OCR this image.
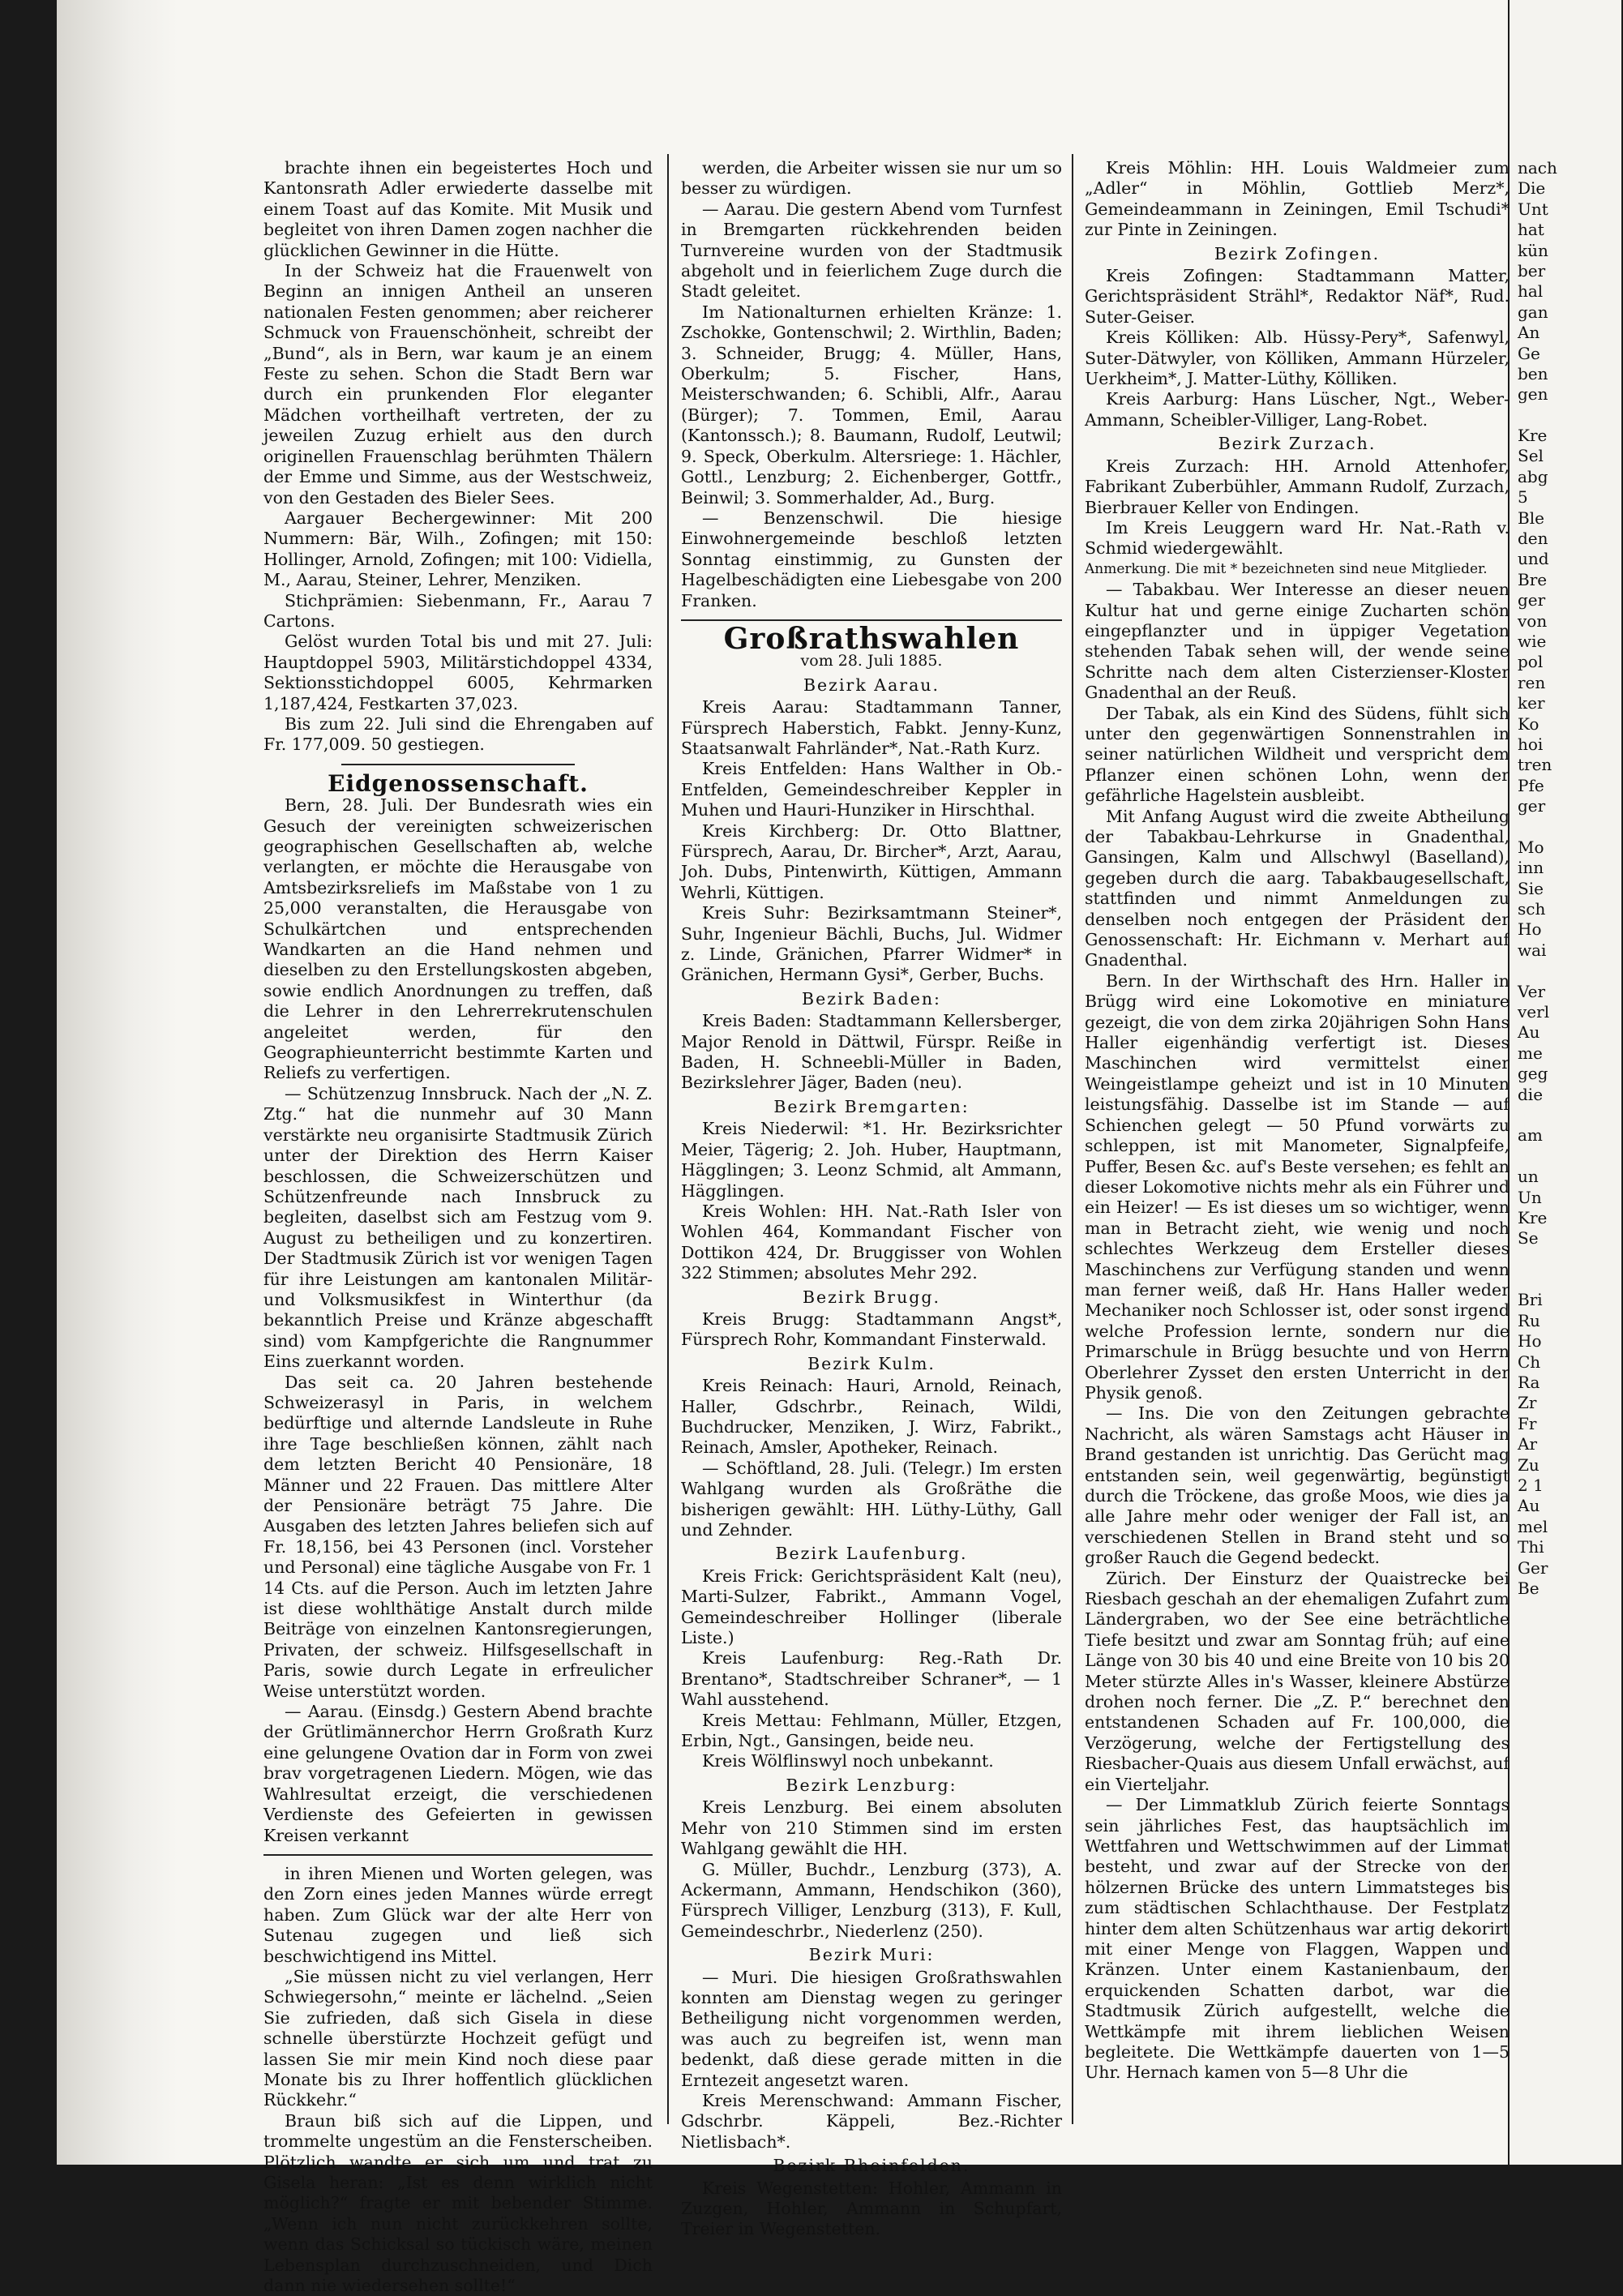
brachte ihnen ein begeistertes Hoch und Kantonsrath Adler erwiederte dasselbe mit einem Toast auf das Komite. Mit Musik und begleitet von ihren Damen zogen nachher die glücklichen Gewinner in die Hütte.

In der Schweiz hat die Frauenwelt von Beginn an innigen Antheil an unseren nationalen Festen genommen; aber reicherer Schmuck von Frauenschönheit, schreibt der „Bund“, als in Bern, war kaum je an einem Feste zu sehen. Schon die Stadt Bern war durch ein prunkenden Flor eleganter Mädchen vortheilhaft vertreten, der zu jeweilen Zuzug erhielt aus den durch originellen Frauenschlag berühmten Thälern der Emme und Simme, aus der Westschweiz, von den Gestaden des Bieler Sees.

Aargauer Bechergewinner: Mit 200 Nummern: Bär, Wilh., Zofingen; mit 150: Hollinger, Arnold, Zofingen; mit 100: Vidiella, M., Aarau, Steiner, Lehrer, Menziken.

Stichprämien: Siebenmann, Fr., Aarau 7 Cartons.

Gelöst wurden Total bis und mit 27. Juli: Hauptdoppel 5903, Militärstichdoppel 4334, Sektionsstichdoppel 6005, Kehrmarken 1,187,424, Festkarten 37,023.

Bis zum 22. Juli sind die Ehrengaben auf Fr. 177,009. 50 gestiegen.

Eidgenossenschaft.

Bern, 28. Juli. Der Bundesrath wies ein Gesuch der vereinigten schweizerischen geographischen Gesellschaften ab, welche verlangten, er möchte die Herausgabe von Amtsbezirksreliefs im Maßstabe von 1 zu 25,000 veranstalten, die Herausgabe von Schulkärtchen und entsprechenden Wandkarten an die Hand nehmen und dieselben zu den Erstellungskosten abgeben, sowie endlich Anordnungen zu treffen, daß die Lehrer in den Lehrerrekrutenschulen angeleitet werden, für den Geographieunterricht bestimmte Karten und Reliefs zu verfertigen.

— Schützenzug Innsbruck. Nach der „N. Z. Ztg.“ hat die nunmehr auf 30 Mann verstärkte neu organisirte Stadtmusik Zürich unter der Direktion des Herrn Kaiser beschlossen, die Schweizerschützen und Schützenfreunde nach Innsbruck zu begleiten, daselbst sich am Festzug vom 9. August zu betheiligen und zu konzertiren. Der Stadtmusik Zürich ist vor wenigen Tagen für ihre Leistungen am kantonalen Militär- und Volksmusikfest in Winterthur (da bekanntlich Preise und Kränze abgeschafft sind) vom Kampfgerichte die Rangnummer Eins zuerkannt worden.

Das seit ca. 20 Jahren bestehende Schweizerasyl in Paris, in welchem bedürftige und alternde Landsleute in Ruhe ihre Tage beschließen können, zählt nach dem letzten Bericht 40 Pensionäre, 18 Männer und 22 Frauen. Das mittlere Alter der Pensionäre beträgt 75 Jahre. Die Ausgaben des letzten Jahres beliefen sich auf Fr. 18,156, bei 43 Personen (incl. Vorsteher und Personal) eine tägliche Ausgabe von Fr. 1 14 Cts. auf die Person. Auch im letzten Jahre ist diese wohlthätige Anstalt durch milde Beiträge von einzelnen Kantonsregierungen, Privaten, der schweiz. Hilfsgesellschaft in Paris, sowie durch Legate in erfreulicher Weise unterstützt worden.

— Aarau. (Einsdg.) Gestern Abend brachte der Grütlimännerchor Herrn Großrath Kurz eine gelungene Ovation dar in Form von zwei brav vorgetragenen Liedern. Mögen, wie das Wahlresultat erzeigt, die verschiedenen Verdienste des Gefeierten in gewissen Kreisen verkannt

in ihren Mienen und Worten gelegen, was den Zorn eines jeden Mannes würde erregt haben. Zum Glück war der alte Herr von Sutenau zugegen und ließ sich beschwichtigend ins Mittel.

„Sie müssen nicht zu viel verlangen, Herr Schwiegersohn,“ meinte er lächelnd. „Seien Sie zufrieden, daß sich Gisela in diese schnelle überstürzte Hochzeit gefügt und lassen Sie mir mein Kind noch diese paar Monate bis zu Ihrer hoffentlich glücklichen Rückkehr.“

Braun biß sich auf die Lippen, und trommelte ungestüm an die Fensterscheiben. Plötzlich wandte er sich um und trat zu Gisela heran: „Ist es denn wirklich nicht möglich?“ fragte er mit bebender Stimme. „Wenn ich nun nicht zurückkehren sollte, wenn das Schicksal so tückisch wäre, meinen Lebensplan durchzuschneiden, und Dich dann nie wiedersehen sollte!“

werden, die Arbeiter wissen sie nur um so besser zu würdigen.

— Aarau. Die gestern Abend vom Turnfest in Bremgarten rückkehrenden beiden Turnvereine wurden von der Stadtmusik abgeholt und in feierlichem Zuge durch die Stadt geleitet.

Im Nationalturnen erhielten Kränze: 1. Zschokke, Gontenschwil; 2. Wirthlin, Baden; 3. Schneider, Brugg; 4. Müller, Hans, Oberkulm; 5. Fischer, Hans, Meisterschwanden; 6. Schibli, Alfr., Aarau (Bürger); 7. Tommen, Emil, Aarau (Kantonssch.); 8. Baumann, Rudolf, Leutwil; 9. Speck, Oberkulm. Altersriege: 1. Hächler, Gottl., Lenzburg; 2. Eichenberger, Gottfr., Beinwil; 3. Sommerhalder, Ad., Burg.

— Benzenschwil. Die hiesige Einwohnergemeinde beschloß letzten Sonntag einstimmig, zu Gunsten der Hagelbeschädigten eine Liebesgabe von 200 Franken.

Großrathswahlen
vom 28. Juli 1885.
Bezirk Aarau.

Kreis Aarau: Stadtammann Tanner, Fürsprech Haberstich, Fabkt. Jenny-Kunz, Staatsanwalt Fahrländer*, Nat.-Rath Kurz.

Kreis Entfelden: Hans Walther in Ob.-Entfelden, Gemeindeschreiber Keppler in Muhen und Hauri-Hunziker in Hirschthal.

Kreis Kirchberg: Dr. Otto Blattner, Fürsprech, Aarau, Dr. Bircher*, Arzt, Aarau, Joh. Dubs, Pintenwirth, Küttigen, Ammann Wehrli, Küttigen.

Kreis Suhr: Bezirksamtmann Steiner*, Suhr, Ingenieur Bächli, Buchs, Jul. Widmer z. Linde, Gränichen, Pfarrer Widmer* in Gränichen, Hermann Gysi*, Gerber, Buchs.

Bezirk Baden:

Kreis Baden: Stadtammann Kellersberger, Major Renold in Dättwil, Fürspr. Reiße in Baden, H. Schneebli-Müller in Baden, Bezirkslehrer Jäger, Baden (neu).

Bezirk Bremgarten:

Kreis Niederwil: *1. Hr. Bezirksrichter Meier, Tägerig; 2. Joh. Huber, Hauptmann, Hägglingen; 3. Leonz Schmid, alt Ammann, Hägglingen.

Kreis Wohlen: HH. Nat.-Rath Isler von Wohlen 464, Kommandant Fischer von Dottikon 424, Dr. Bruggisser von Wohlen 322 Stimmen; absolutes Mehr 292.

Bezirk Brugg.

Kreis Brugg: Stadtammann Angst*, Fürsprech Rohr, Kommandant Finsterwald.

Bezirk Kulm.

Kreis Reinach: Hauri, Arnold, Reinach, Haller, Gdschrbr., Reinach, Wildi, Buchdrucker, Menziken, J. Wirz, Fabrikt., Reinach, Amsler, Apotheker, Reinach.

— Schöftland, 28. Juli. (Telegr.) Im ersten Wahlgang wurden als Großräthe die bisherigen gewählt: HH. Lüthy-Lüthy, Gall und Zehnder.

Bezirk Laufenburg.

Kreis Frick: Gerichtspräsident Kalt (neu), Marti-Sulzer, Fabrikt., Ammann Vogel, Gemeindeschreiber Hollinger (liberale Liste.)

Kreis Laufenburg: Reg.-Rath Dr. Brentano*, Stadtschreiber Schraner*, — 1 Wahl ausstehend.

Kreis Mettau: Fehlmann, Müller, Etzgen, Erbin, Ngt., Gansingen, beide neu.

Kreis Wölflinswyl noch unbekannt.

Bezirk Lenzburg:

Kreis Lenzburg. Bei einem absoluten Mehr von 210 Stimmen sind im ersten Wahlgang gewählt die HH.

G. Müller, Buchdr., Lenzburg (373), A. Ackermann, Ammann, Hendschikon (360), Fürsprech Villiger, Lenzburg (313), F. Kull, Gemeindeschrbr., Niederlenz (250).

Bezirk Muri:

— Muri. Die hiesigen Großrathswahlen konnten am Dienstag wegen zu geringer Betheiligung nicht vorgenommen werden, was auch zu begreifen ist, wenn man bedenkt, daß diese gerade mitten in die Erntezeit angesetzt waren.

Kreis Merenschwand: Ammann Fischer, Gdschrbr. Käppeli, Bez.-Richter Nietlisbach*.

Bezirk Rheinfelden.

Kreis Wegenstetten: Hohler, Ammann in Zuzgen, Hohler, Ammann in Schupfart, Treier in Wegenstetten.

Kreis Möhlin: HH. Louis Waldmeier zum „Adler“ in Möhlin, Gottlieb Merz*, Gemeindeammann in Zeiningen, Emil Tschudi* zur Pinte in Zeiningen.

Bezirk Zofingen.

Kreis Zofingen: Stadtammann Matter, Gerichtspräsident Strähl*, Redaktor Näf*, Rud. Suter-Geiser.

Kreis Kölliken: Alb. Hüssy-Pery*, Safenwyl, Suter-Dätwyler, von Kölliken, Ammann Hürzeler, Uerkheim*, J. Matter-Lüthy, Kölliken.

Kreis Aarburg: Hans Lüscher, Ngt., Weber-Ammann, Scheibler-Villiger, Lang-Robet.

Bezirk Zurzach.

Kreis Zurzach: HH. Arnold Attenhofer, Fabrikant Zuberbühler, Ammann Rudolf, Zurzach, Bierbrauer Keller von Endingen.

Im Kreis Leuggern ward Hr. Nat.-Rath v. Schmid wiedergewählt.

Anmerkung. Die mit * bezeichneten sind neue Mitglieder.

— Tabakbau. Wer Interesse an dieser neuen Kultur hat und gerne einige Zucharten schön eingepflanzter und in üppiger Vegetation stehenden Tabak sehen will, der wende seine Schritte nach dem alten Cisterzienser-Kloster Gnadenthal an der Reuß.

Der Tabak, als ein Kind des Südens, fühlt sich unter den gegenwärtigen Sonnenstrahlen in seiner natürlichen Wildheit und verspricht dem Pflanzer einen schönen Lohn, wenn der gefährliche Hagelstein ausbleibt.

Mit Anfang August wird die zweite Abtheilung der Tabakbau-Lehrkurse in Gnadenthal, Gansingen, Kalm und Allschwyl (Baselland), gegeben durch die aarg. Tabakbaugesellschaft, stattfinden und nimmt Anmeldungen zu denselben noch entgegen der Präsident der Genossenschaft: Hr. Eichmann v. Merhart auf Gnadenthal.

Bern. In der Wirthschaft des Hrn. Haller in Brügg wird eine Lokomotive en miniature gezeigt, die von dem zirka 20jährigen Sohn Hans Haller eigenhändig verfertigt ist. Dieses Maschinchen wird vermittelst einer Weingeistlampe geheizt und ist in 10 Minuten leistungsfähig. Dasselbe ist im Stande — auf Schienchen gelegt — 50 Pfund vorwärts zu schleppen, ist mit Manometer, Signalpfeife, Puffer, Besen &c. auf's Beste versehen; es fehlt an dieser Lokomotive nichts mehr als ein Führer und ein Heizer! — Es ist dieses um so wichtiger, wenn man in Betracht zieht, wie wenig und noch schlechtes Werkzeug dem Ersteller dieses Maschinchens zur Verfügung standen und wenn man ferner weiß, daß Hr. Hans Haller weder Mechaniker noch Schlosser ist, oder sonst irgend welche Profession lernte, sondern nur die Primarschule in Brügg besuchte und von Herrn Oberlehrer Zysset den ersten Unterricht in der Physik genoß.

— Ins. Die von den Zeitungen gebrachte Nachricht, als wären Samstags acht Häuser in Brand gestanden ist unrichtig. Das Gerücht mag entstanden sein, weil gegenwärtig, begünstigt durch die Tröckene, das große Moos, wie dies ja alle Jahre mehr oder weniger der Fall ist, an verschiedenen Stellen in Brand steht und so großer Rauch die Gegend bedeckt.

Zürich. Der Einsturz der Quaistrecke bei Riesbach geschah an der ehemaligen Zufahrt zum Ländergraben, wo der See eine beträchtliche Tiefe besitzt und zwar am Sonntag früh; auf eine Länge von 30 bis 40 und eine Breite von 10 bis 20 Meter stürzte Alles in's Wasser, kleinere Abstürze drohen noch ferner. Die „Z. P.“ berechnet den entstandenen Schaden auf Fr. 100,000, die Verzögerung, welche der Fertigstellung des Riesbacher-Quais aus diesem Unfall erwächst, auf ein Vierteljahr.

— Der Limmatklub Zürich feierte Sonntags sein jährliches Fest, das hauptsächlich im Wettfahren und Wettschwimmen auf der Limmat besteht, und zwar auf der Strecke von der hölzernen Brücke des untern Limmatsteges bis zum städtischen Schlachthause. Der Festplatz hinter dem alten Schützenhaus war artig dekorirt mit einer Menge von Flaggen, Wappen und Kränzen. Unter einem Kastanienbaum, der erquickenden Schatten darbot, war die Stadtmusik Zürich aufgestellt, welche die Wettkämpfe mit ihrem lieblichen Weisen begleitete. Die Wettkämpfe dauerten von 1—5 Uhr. Hernach kamen von 5—8 Uhr die

nach
Die
Unt
hat
kün
ber
hal
gan
An
Ge
ben
gen
Kre
Sel
abg
5
Ble
den
und
Bre
ger
von
wie
pol
ren
ker
Ko
hoi
tren
Pfe
ger
Mo
inn
Sie
sch
Ho
wai
Ver
verl
Au
me
geg
die
am
un
Un
Kre
Se
Bri
Ru
Ho
Ch
Ra
Zr
Fr
Ar
Zu
2 1
Au
mel
Thi
Ger
Be
